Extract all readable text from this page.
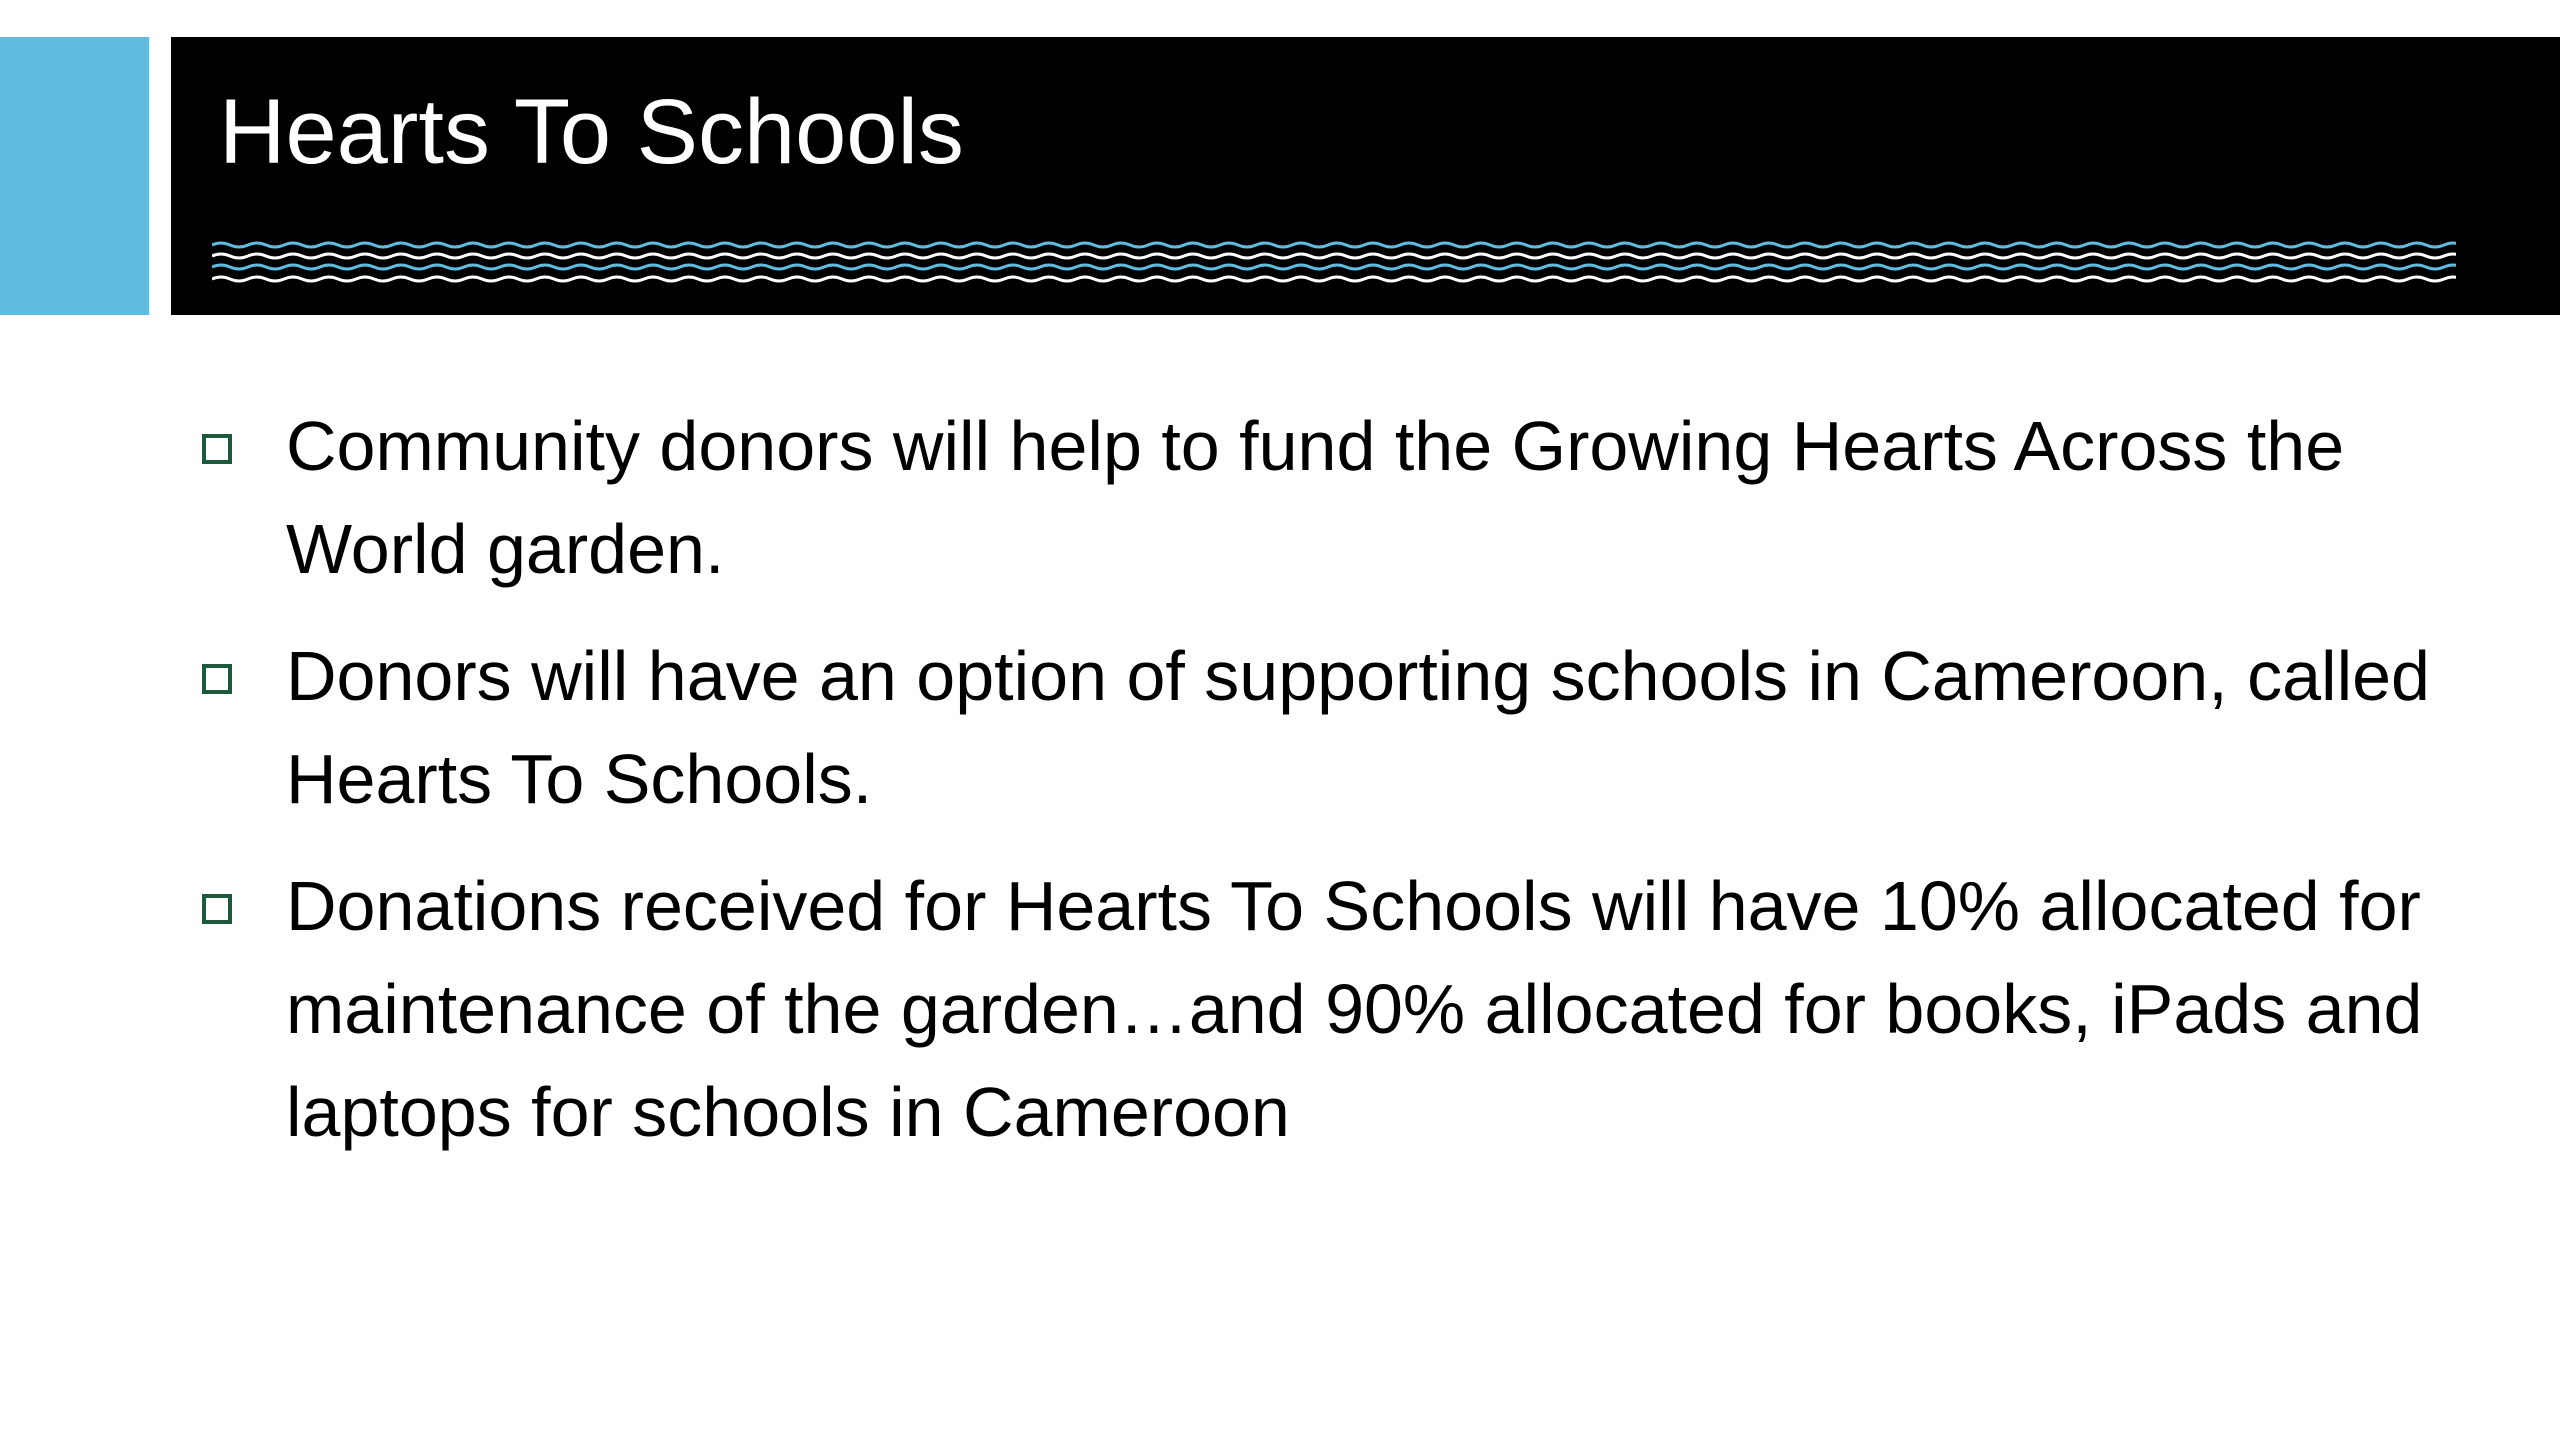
Hearts To Schools
Community donors will help to fund the Growing Hearts Across the World garden.
Donors will have an option of supporting schools in Cameroon, called Hearts To Schools.
Donations received for Hearts To Schools will have 10% allocated for maintenance of the garden…and 90% allocated for books, iPads and laptops for schools in Cameroon
